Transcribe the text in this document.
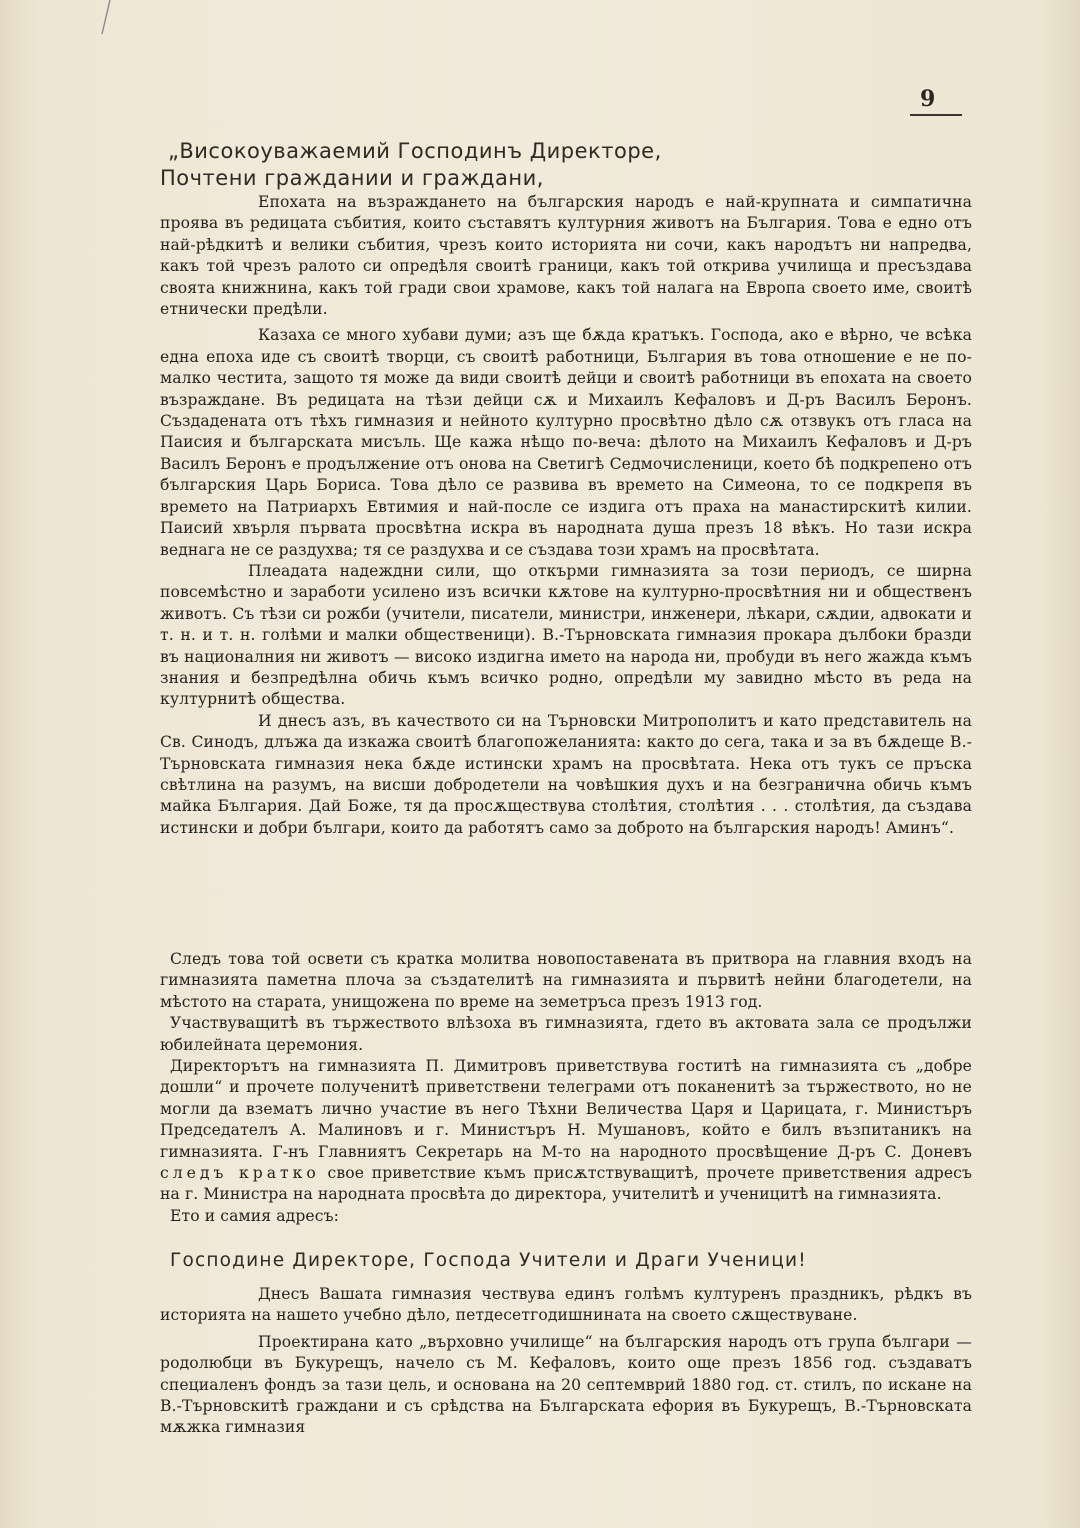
9
„Високоуважаемий Господинъ Директоре,
Почтени граждании и граждани,

Епохата на възраждането на българския народъ е най-крупната и симпатична проява въ редицата събития, които съставятъ културния животъ на България. Това е едно отъ най-рѣдкитѣ и велики събития, чрезъ които историята ни сочи, какъ народътъ ни напредва, какъ той чрезъ ралото си опредѣля своитѣ граници, какъ той открива училища и пресъздава своята книжнина, какъ той гради свои храмове, какъ той налага на Европа своето име, своитѣ етнически предѣли.

Казаха се много хубави думи; азъ ще бѫда кратъкъ. Господа, ако е вѣрно, че всѣка една епоха иде съ своитѣ творци, съ своитѣ работници, България въ това отношение е не по-малко честита, защото тя може да види своитѣ дейци и своитѣ работници въ епохата на своето възраждане. Въ редицата на тѣзи дейци сѫ и Михаилъ Кефаловъ и Д-ръ Василъ Беронъ. Създадената отъ тѣхъ гимназия и нейното културно просвѣтно дѣло сѫ отзвукъ отъ гласа на Паисия и българската мисъль. Ще кажа нѣщо по-веча: дѣлото на Михаилъ Кефаловъ и Д-ръ Василъ Беронъ е продължение отъ онова на Светигѣ Седмочисленици, което бѣ подкрепено отъ българския Царь Бориса. Това дѣло се развива въ времето на Симеона, то се подкрепя въ времето на Патриархъ Евтимия и най-после се издига отъ праха на манастирскитѣ килии. Паисий хвърля първата просвѣтна искра въ народната душа презъ 18 вѣкъ. Но тази искра веднага не се раздухва; тя се раздухва и се създава този храмъ на просвѣтата.

Плеадата надеждни сили, що откърми гимназията за този периодъ, се ширна повсемѣстно и заработи усилено изъ всички кѫтове на културно-просвѣтния ни и общественъ животъ. Съ тѣзи си рожби (учители, писатели, министри, инженери, лѣкари, сѫдии, адвокати и т. н. и т. н. голѣми и малки общественици). В.-Търновската гимназия прокара дълбоки бразди въ националния ни животъ — високо издигна името на народа ни, пробуди въ него жажда къмъ знания и безпредѣлна обичь къмъ всичко родно, опредѣли му завидно мѣсто въ реда на културнитѣ общества.

И днесъ азъ, въ качеството си на Търновски Митрополитъ и като представитель на Св. Синодъ, длъжа да изкажа своитѣ благопожеланията: както до сега, така и за въ бѫдеще В.-Търновската гимназия нека бѫде истински храмъ на просвѣтата. Нека отъ тукъ се пръска свѣтлина на разумъ, на висши добродетели на човѣшкия духъ и на безгранична обичь къмъ майка България. Дай Боже, тя да просѫществува столѣтия, столѣтия . . . столѣтия, да създава истински и добри българи, които да работятъ само за доброто на българския народъ! Аминъ“.

Следъ това той освети съ кратка молитва новопоставената въ притвора на главния входъ на гимназията паметна плоча за създателитѣ на гимназията и първитѣ нейни благодетели, на мѣстото на старата, унищожена по време на земетръса презъ 1913 год.

Участвуващитѣ въ тържеството влѣзоха въ гимназията, гдето въ актовата зала се продължи юбилейната церемония.

Директорътъ на гимназията П. Димитровъ приветствува гоститѣ на гимназията съ „добре дошли“ и прочете полученитѣ приветствени телеграми отъ поканенитѣ за тържеството, но не могли да взематъ лично участие въ него Тѣхни Величества Царя и Царицата, г. Министъръ Председателъ А. Малиновъ и г. Министъръ Н. Мушановъ, който е билъ възпитаникъ на гимназията. Г-нъ Главниятъ Секретарь на М-то на народното просвѣщение Д-ръ С. Доневъ следъ кратко свое приветствие къмъ присѫтствуващитѣ, прочете приветствения адресъ на г. Министра на народната просвѣта до директора, учителитѣ и ученицитѣ на гимназията.

Ето и самия адресъ:

Господине Директоре, Господа Учители и Драги Ученици!

Днесъ Вашата гимназия чествува единъ голѣмъ културенъ праздникъ, рѣдкъ въ историята на нашето учебно дѣло, петдесетгодишнината на своето сѫществуване.

Проектирана като „върховно училище“ на българския народъ отъ група българи — родолюбци въ Букурещъ, начело съ М. Кефаловъ, които още презъ 1856 год. създаватъ специаленъ фондъ за тази цель, и основана на 20 септемврий 1880 год. ст. стилъ, по искане на В.-Търновскитѣ граждани и съ срѣдства на Българската ефория въ Букурещъ, В.-Търновската мѫжка гимназия
